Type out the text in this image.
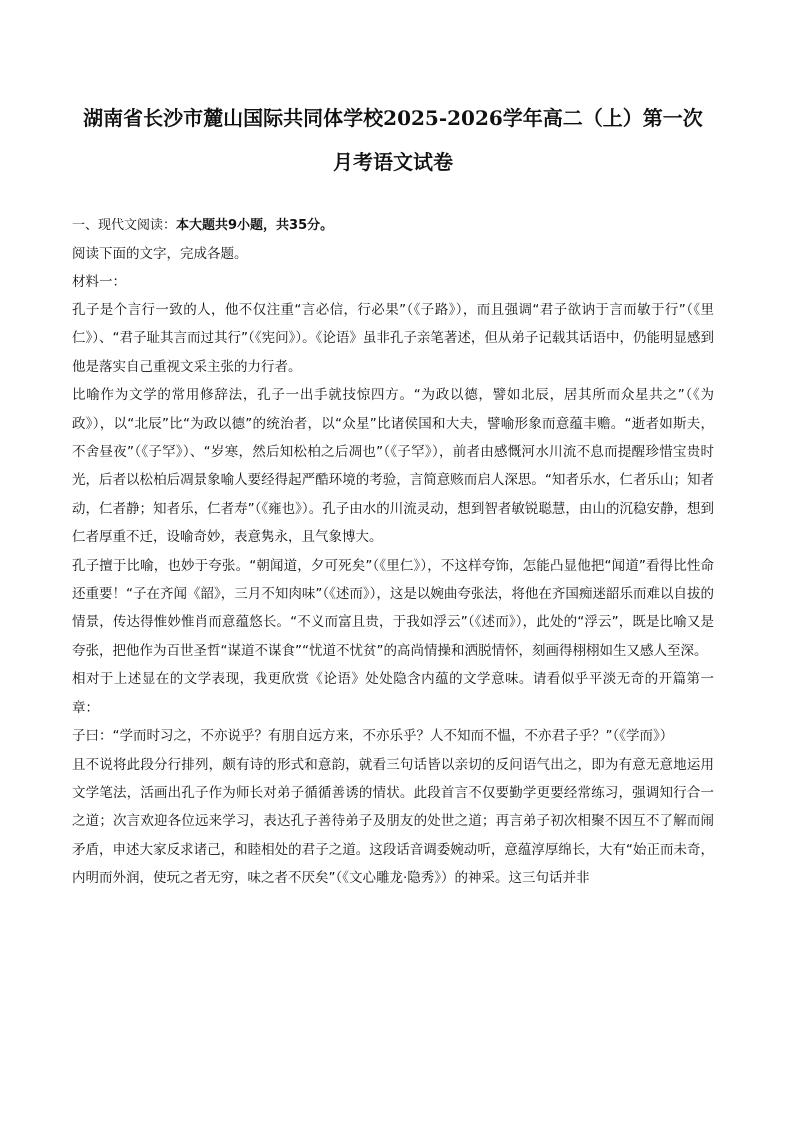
湖南省长沙市麓山国际共同体学校2025-2026学年高二（上）第一次
月考语文试卷
一、现代文阅读：本大题共9小题，共35分。
阅读下面的文字，完成各题。
材料一：

孔子是个言行一致的人，他不仅注重“言必信，行必果”（《子路》），而且强调“君子欲讷于言而敏于行”（《里仁》）、“君子耻其言而过其行”（《宪问》）。《论语》虽非孔子亲笔著述，但从弟子记载其话语中，仍能明显感到他是落实自己重视文采主张的力行者。

比喻作为文学的常用修辞法，孔子一出手就技惊四方。“为政以德，譬如北辰，居其所而众星共之”（《为政》），以“北辰”比“为政以德”的统治者，以“众星”比诸侯国和大夫，譬喻形象而意蕴丰赡。“逝者如斯夫，不舍昼夜”（《子罕》）、“岁寒，然后知松柏之后凋也”（《子罕》），前者由感慨河水川流不息而提醒珍惜宝贵时光，后者以松柏后凋景象喻人要经得起严酷环境的考验，言简意赅而启人深思。“知者乐水，仁者乐山；知者动，仁者静；知者乐，仁者寿”（《雍也》）。孔子由水的川流灵动，想到智者敏锐聪慧，由山的沉稳安静，想到仁者厚重不迁，设喻奇妙，表意隽永，且气象博大。

孔子擅于比喻，也妙于夸张。“朝闻道，夕可死矣”（《里仁》），不这样夸饰，怎能凸显他把“闻道”看得比性命还重要！“子在齐闻《韶》，三月不知肉味”（《述而》），这是以婉曲夸张法，将他在齐国痴迷韶乐而难以自拔的情景，传达得惟妙惟肖而意蕴悠长。“不义而富且贵，于我如浮云”（《述而》），此处的“浮云”，既是比喻又是夸张，把他作为百世圣哲“谋道不谋食”“忧道不忧贫”的高尚情操和洒脱情怀，刻画得栩栩如生又感人至深。

相对于上述显在的文学表现，我更欣赏《论语》处处隐含内蕴的文学意味。请看似乎平淡无奇的开篇第一章：

子曰：“学而时习之，不亦说乎？有朋自远方来，不亦乐乎？人不知而不愠，不亦君子乎？”（《学而》）

且不说将此段分行排列，颇有诗的形式和意韵，就看三句话皆以亲切的反问语气出之，即为有意无意地运用文学笔法，活画出孔子作为师长对弟子循循善诱的情状。此段首言不仅要勤学更要经常练习，强调知行合一之道；次言欢迎各位远来学习，表达孔子善待弟子及朋友的处世之道；再言弟子初次相聚不因互不了解而闹矛盾，申述大家反求诸己，和睦相处的君子之道。这段话音调委婉动听，意蕴淳厚绵长，大有“始正而未奇，内明而外润，使玩之者无穷，味之者不厌矣”（《文心雕龙·隐秀》）的神采。这三句话并非
